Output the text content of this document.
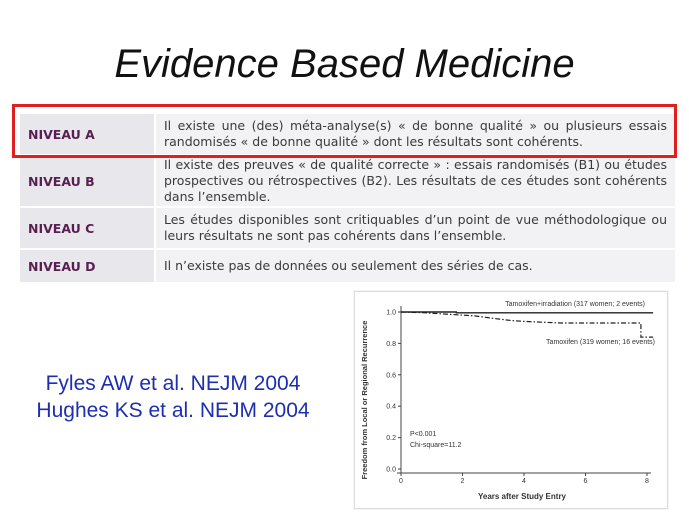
Evidence Based Medicine
NIVEAU A	Il existe une (des) méta-analyse(s) « de bonne qualité » ou plusieurs essais randomisés « de bonne qualité » dont les résultats sont cohérents.
NIVEAU B	Il existe des preuves « de qualité correcte » : essais randomisés (B1) ou études prospectives ou rétrospectives (B2). Les résultats de ces études sont cohérents dans l’ensemble.
NIVEAU C	Les études disponibles sont critiquables d’un point de vue méthodologique ou leurs résultats ne sont pas cohérents dans l’ensemble.
NIVEAU D	Il n’existe pas de données ou seulement des séries de cas.
Fyles AW et al. NEJM 2004
Hughes KS et al. NEJM 2004	Freedom from Local or Regional Recurrence
Years after Study Entry
Tamoxifen+irradiation (317 women; 2 events)
Tamoxifen (319 women; 16 events)
P<0.001
Chi-square=11.2
0.0
0.2
0.4
0.6
0.8
1.0
0	2	4	6	8
